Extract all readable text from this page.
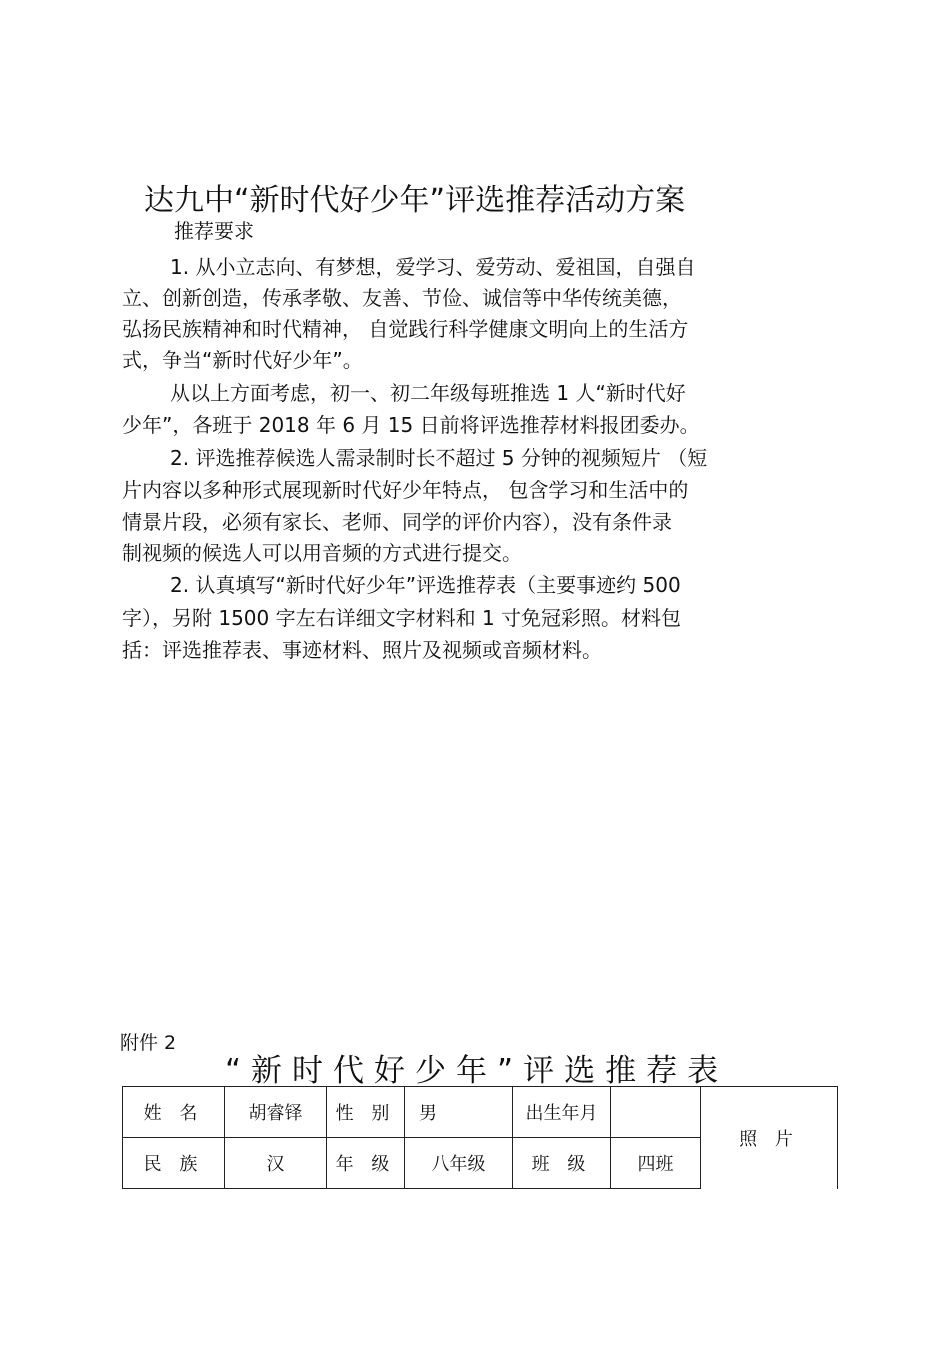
达九中“新时代好少年”评选推荐活动方案
推荐要求
1. 从小立志向、有梦想，爱学习、爱劳动、爱祖国，自强自
立、创新创造，传承孝敬、友善、节俭、诚信等中华传统美德，
弘扬民族精神和时代精神， 自觉践行科学健康文明向上的生活方
式，争当“新时代好少年”。
从以上方面考虑，初一、初二年级每班推选 1 人“新时代好
少年”，各班于 2018 年 6 月 15 日前将评选推荐材料报团委办。
2. 评选推荐候选人需录制时长不超过 5 分钟的视频短片 （短
片内容以多种形式展现新时代好少年特点， 包含学习和生活中的
情景片段，必须有家长、老师、同学的评价内容），没有条件录
制视频的候选人可以用音频的方式进行提交。
2. 认真填写“新时代好少年”评选推荐表（主要事迹约 500
字），另附 1500 字左右详细文字材料和 1 寸免冠彩照。材料包
括：评选推荐表、事迹材料、照片及视频或音频材料。
附件 2
“新时代好少年”评选推荐表
姓 名	胡睿铎	性 别	男	出生年月		照 片
民 族	汉	年 级	八年级	班 级	四班	
